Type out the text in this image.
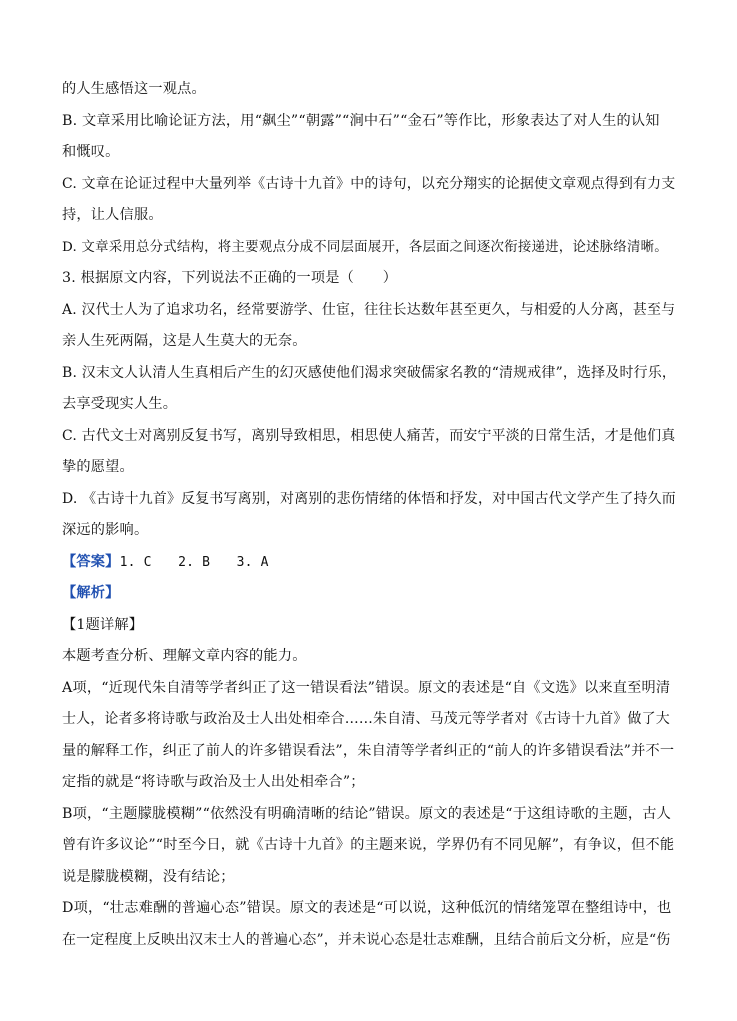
的人生感悟这一观点。
B. 文章采用比喻论证方法，用“飙尘”“朝露”“涧中石”“金石”等作比，形象表达了对人生的认知
和慨叹。
C. 文章在论证过程中大量列举《古诗十九首》中的诗句，以充分翔实的论据使文章观点得到有力支
持，让人信服。
D. 文章采用总分式结构，将主要观点分成不同层面展开，各层面之间逐次衔接递进，论述脉络清晰。
3. 根据原文内容，下列说法不正确的一项是（　　）
A. 汉代士人为了追求功名，经常要游学、仕宦，往往长达数年甚至更久，与相爱的人分离，甚至与
亲人生死两隔，这是人生莫大的无奈。
B. 汉末文人认清人生真相后产生的幻灭感使他们渴求突破儒家名教的“清规戒律”，选择及时行乐，
去享受现实人生。
C. 古代文士对离别反复书写，离别导致相思，相思使人痛苦，而安宁平淡的日常生活，才是他们真
挚的愿望。
D. 《古诗十九首》反复书写离别，对离别的悲伤情绪的体悟和抒发，对中国古代文学产生了持久而
深远的影响。
【答案】1. C　　2. B　　3. A
【解析】
【1题详解】
本题考查分析、理解文章内容的能力。
A项，“近现代朱自清等学者纠正了这一错误看法”错误。原文的表述是“自《文选》以来直至明清
士人，论者多将诗歌与政治及士人出处相牵合……朱自清、马茂元等学者对《古诗十九首》做了大
量的解释工作，纠正了前人的许多错误看法”，朱自清等学者纠正的“前人的许多错误看法”并不一
定指的就是“将诗歌与政治及士人出处相牵合”；
B项，“主题朦胧模糊”“依然没有明确清晰的结论”错误。原文的表述是“于这组诗歌的主题，古人
曾有许多议论”“时至今日，就《古诗十九首》的主题来说，学界仍有不同见解”，有争议，但不能
说是朦胧模糊，没有结论；
D项，“壮志难酬的普遍心态”错误。原文的表述是“可以说，这种低沉的情绪笼罩在整组诗中，也
在一定程度上反映出汉末士人的普遍心态”，并未说心态是壮志难酬，且结合前后文分析，应是“伤
